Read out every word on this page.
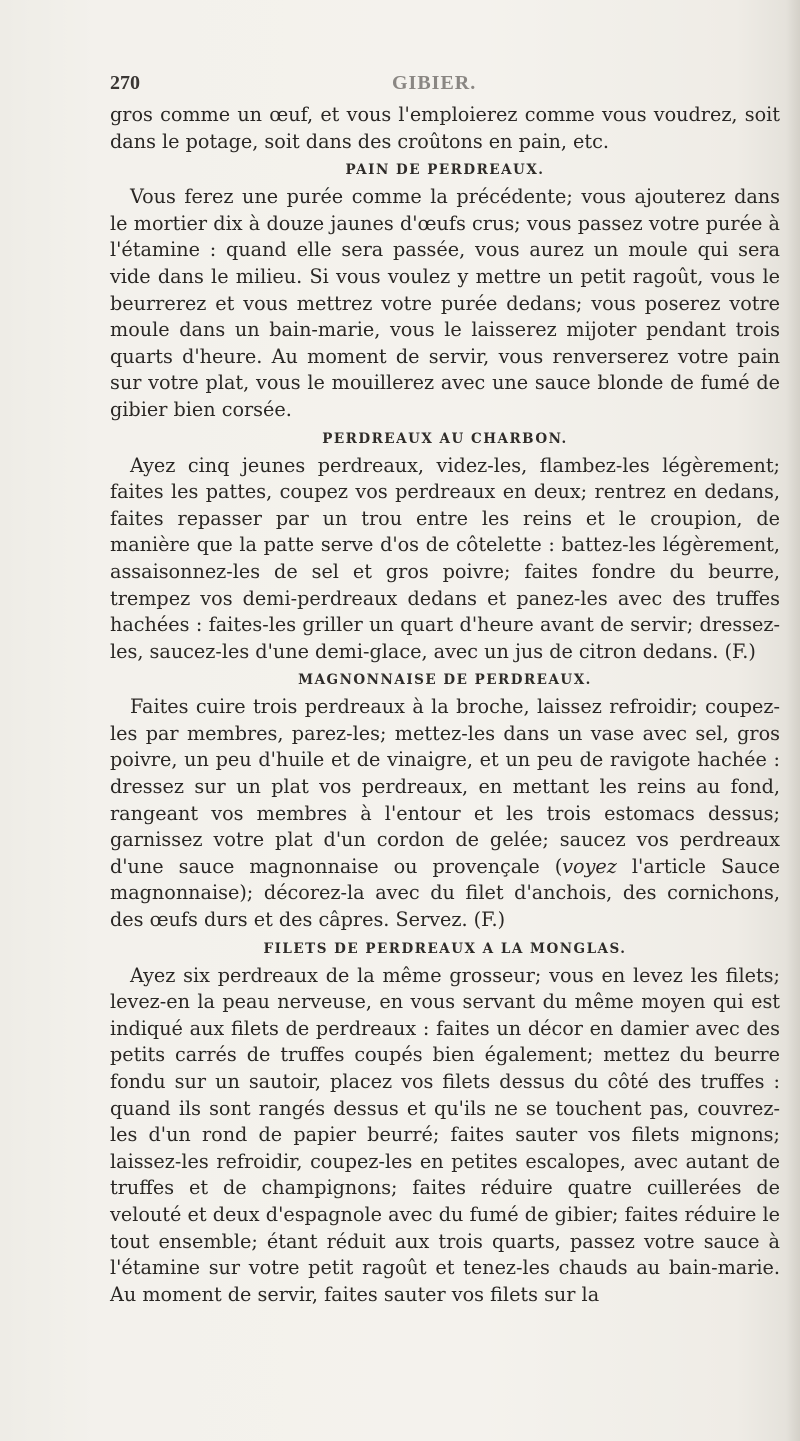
270	GIBIER.

gros comme un œuf, et vous l'emploierez comme vous voudrez, soit dans le potage, soit dans des croûtons en pain, etc.

PAIN DE PERDREAUX.

Vous ferez une purée comme la précédente; vous ajouterez dans le mortier dix à douze jaunes d'œufs crus; vous passez votre purée à l'étamine : quand elle sera passée, vous aurez un moule qui sera vide dans le milieu. Si vous voulez y mettre un petit ragoût, vous le beurrerez et vous mettrez votre purée dedans; vous poserez votre moule dans un bain-marie, vous le laisserez mijoter pendant trois quarts d'heure. Au moment de servir, vous renverserez votre pain sur votre plat, vous le mouillerez avec une sauce blonde de fumé de gibier bien corsée.

PERDREAUX AU CHARBON.

Ayez cinq jeunes perdreaux, videz-les, flambez-les légèrement; faites les pattes, coupez vos perdreaux en deux; rentrez en dedans, faites repasser par un trou entre les reins et le croupion, de manière que la patte serve d'os de côtelette : battez-les légèrement, assaisonnez-les de sel et gros poivre; faites fondre du beurre, trempez vos demi-perdreaux dedans et panez-les avec des truffes hachées : faites-les griller un quart d'heure avant de servir; dressez-les, saucez-les d'une demi-glace, avec un jus de citron dedans. (F.)

MAGNONNAISE DE PERDREAUX.

Faites cuire trois perdreaux à la broche, laissez refroidir; coupez-les par membres, parez-les; mettez-les dans un vase avec sel, gros poivre, un peu d'huile et de vinaigre, et un peu de ravigote hachée : dressez sur un plat vos perdreaux, en mettant les reins au fond, rangeant vos membres à l'entour et les trois estomacs dessus; garnissez votre plat d'un cordon de gelée; saucez vos perdreaux d'une sauce magnonnaise ou provençale (voyez l'article Sauce magnonnaise); décorez-la avec du filet d'anchois, des cornichons, des œufs durs et des câpres. Servez. (F.)

FILETS DE PERDREAUX A LA MONGLAS.

Ayez six perdreaux de la même grosseur; vous en levez les filets; levez-en la peau nerveuse, en vous servant du même moyen qui est indiqué aux filets de perdreaux : faites un décor en damier avec des petits carrés de truffes coupés bien également; mettez du beurre fondu sur un sautoir, placez vos filets dessus du côté des truffes : quand ils sont rangés dessus et qu'ils ne se touchent pas, couvrez-les d'un rond de papier beurré; faites sauter vos filets mignons; laissez-les refroidir, coupez-les en petites escalopes, avec autant de truffes et de champignons; faites réduire quatre cuillerées de velouté et deux d'espagnole avec du fumé de gibier; faites réduire le tout ensemble; étant réduit aux trois quarts, passez votre sauce à l'étamine sur votre petit ragoût et tenez-les chauds au bain-marie. Au moment de servir, faites sauter vos filets sur la
